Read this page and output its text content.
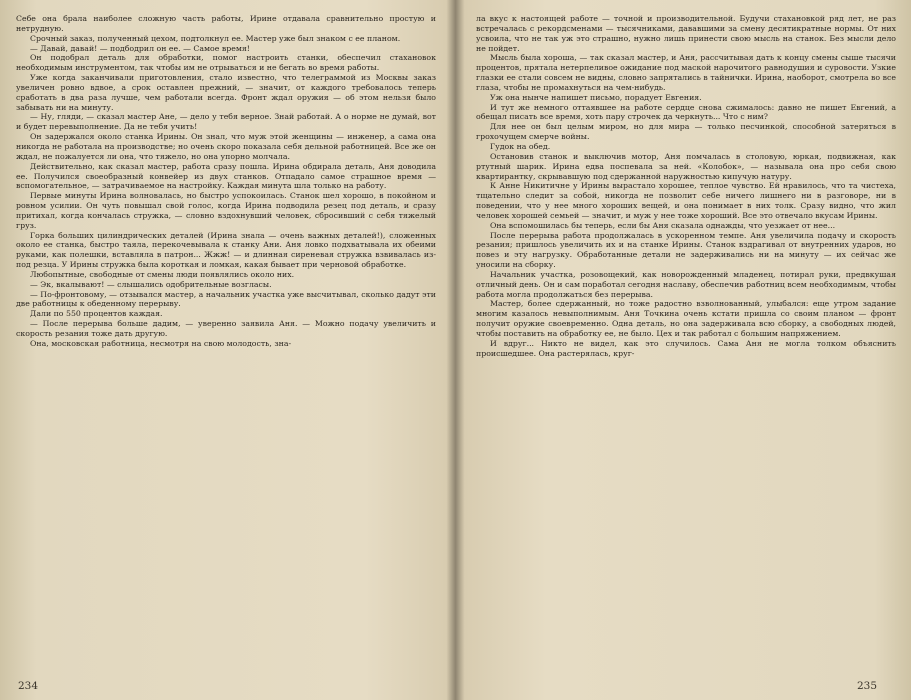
Себе она брала наиболее сложную часть работы, Ирине отдавала сравнительно простую и нетрудную.

Срочный заказ, полученный цехом, подтолкнул ее. Мастер уже был знаком с ее планом.

— Давай, давай! — подбодрил он ее. — Самое время!

Он подобрал деталь для обработки, помог настроить станки, обеспечил стахановок необходимым инструментом, так чтобы им не отрываться и не бегать во время работы.

Уже когда заканчивали приготовления, стало известно, что телеграммой из Москвы заказ увеличен ровно вдвое, а срок оставлен прежний, — значит, от каждого требовалось теперь сработать в два раза лучше, чем работали всегда. Фронт ждал оружия — об этом нельзя было забывать ни на минуту.

— Ну, гляди, — сказал мастер Ане, — дело у тебя верное. Знай работай. А о норме не думай, вот и будет перевыполнение. Да не тебя учить!

Он задержался около станка Ирины. Он знал, что муж этой женщины — инженер, а сама она никогда не работала на производстве; но очень скоро показала себя дельной работницей. Все же он ждал, не пожалуется ли она, что тяжело, но она упорно молчала.

Действительно, как сказал мастер, работа сразу пошла. Ирина обдирала деталь, Аня доводила ее. Получился своеобразный конвейер из двух станков. Отпадало самое страшное время — вспомогательное, — затрачиваемое на настройку. Каждая минута шла только на работу.

Первые минуты Ирина волновалась, но быстро успокоилась. Станок шел хорошо, в покойном и ровном усилии. Он чуть повышал свой голос, когда Ирина подводила резец под деталь, и сразу притихал, когда кончалась стружка, — словно вздохнувший человек, сбросивший с себя тяжелый груз.

Горка больших цилиндрических деталей (Ирина знала — очень важных деталей!), сложенных около ее станка, быстро таяла, перекочевывала к станку Ани. Аня ловко подхватывала их обеими руками, как полешки, вставляла в патрон... Жжж! — и длинная сиреневая стружка взвивалась из-под резца. У Ирины стружка была короткая и ломкая, какая бывает при черновой обработке.

Любопытные, свободные от смены люди появлялись около них.

— Эк, вкалывают! — слышались одобрительные возгласы.

— По-фронтовому, — отзывался мастер, а начальник участка уже высчитывал, сколько дадут эти две работницы к обеденному перерыву.

Дали по 550 процентов каждая.

— После перерыва больше дадим, — уверенно заявила Аня. — Можно подачу увеличить и скорость резания тоже дать другую.

Она, московская работница, несмотря на свою молодость, зна-

234

ла вкус к настоящей работе — точной и производительной. Будучи стахановкой ряд лет, не раз встречалась с рекордсменами — тысячниками, дававшими за смену десятикратные нормы. От них усвоила, что не так уж это страшно, нужно лишь принести свою мысль на станок. Без мысли дело не пойдет.

Мысль была хороша, — так сказал мастер, и Аня, рассчитывая дать к концу смены сыше тысячи процентов, прятала нетерпеливое ожидание под маской нарочитого равнодушия и суровости. Узкие глазки ее стали совсем не видны, словно запрятались в тайнички. Ирина, наоборот, смотрела во все глаза, чтобы не промахнуться на чем-нибудь.

Уж она нынче напишет письмо, порадует Евгения.

И тут же немного оттаявшее на работе сердце снова сжималось: давно не пишет Евгений, а обещал писать все время, хоть пару строчек да черкнуть... Что с ним?

Для нее он был целым миром, но для мира — только песчинкой, способной затеряться в грохочущем смерче войны.

Гудок на обед.

Остановив станок и выключив мотор, Аня помчалась в столовую, юркая, подвижная, как ртутный шарик. Ирина едва поспевала за ней. «Колобок», — называла она про себя свою квартирантку, скрывавшую под сдержанной наружностью кипучую натуру.

К Анне Никитичне у Ирины вырастало хорошее, теплое чувство. Ей нравилось, что та чистеха, тщательно следит за собой, никогда не позволит себе ничего лишнего ни в разговоре, ни в поведении, что у нее много хороших вещей, и она понимает в них толк. Сразу видно, что жил человек хорошей семьей — значит, и муж у нее тоже хороший. Все это отвечало вкусам Ирины.

Она вспомошилась бы теперь, если бы Аня сказала однажды, что уезжает от нее...

После перерыва работа продолжалась в ускоренном темпе. Аня увеличила подачу и скорость резания; пришлось увеличить их и на станке Ирины. Станок вздрагивал от внутренних ударов, но повез и эту нагрузку. Обработанные детали не задерживались ни на минуту — их сейчас же уносили на сборку.

Начальник участка, розовощекий, как новорожденный младенец, потирал руки, предвкушая отличный день. Он и сам поработал сегодня наславу, обеспечив работниц всем необходимым, чтобы работа могла продолжаться без перерыва.

Мастер, более сдержанный, но тоже радостно взволнованный, улыбался: еще утром задание многим казалось невыполнимым. Аня Точкина очень кстати пришла со своим планом — фронт получит оружие своевременно. Одна деталь, но она задерживала всю сборку, а свободных людей, чтобы поставить на обработку ее, не было. Цех и так работал с большим напряжением.

И вдруг... Никто не видел, как это случилось. Сама Аня не могла толком объяснить происшедшее. Она растерялась, круг-

235
